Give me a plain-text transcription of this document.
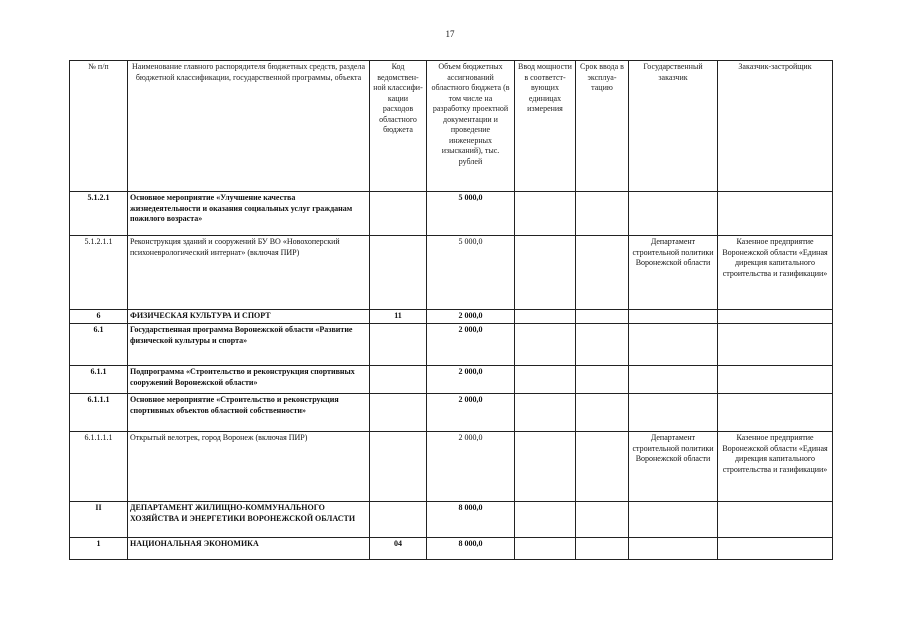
17
№ п/п	Наименование главного распорядителя бюджетных средств, раздела бюджетной классификации, государственной программы, объекта	Код ведомствен-ной классифи-кации расходов областного бюджета	Объем бюджетных ассигнований областного бюджета (в том числе на разработку проектной документации и проведение инженерных изысканий), тыс. рублей	Ввод мощности в соответст-вующих единицах измерения	Срок ввода в эксплуа-тацию	Государственный заказчик	Заказчик-застройщик
5.1.2.1	Основное мероприятие «Улучшение качества жизнедеятельности и оказания социальных услуг гражданам пожилого возраста»		5 000,0				
5.1.2.1.1	Реконструкция зданий и сооружений БУ ВО «Новохоперский психоневрологический интернат» (включая ПИР)		5 000,0			Департамент строительной политики Воронежской области	Казенное предприятие Воронежской области «Единая дирекция капитального строительства и газификации»
6	ФИЗИЧЕСКАЯ КУЛЬТУРА И СПОРТ	11	2 000,0				
6.1	Государственная программа Воронежской области «Развитие физической культуры и спорта»		2 000,0				
6.1.1	Подпрограмма «Строительство и реконструкция спортивных сооружений Воронежской области»		2 000,0				
6.1.1.1	Основное мероприятие «Строительство и реконструкция спортивных объектов областной собственности»		2 000,0				
6.1.1.1.1	Открытый велотрек, город Воронеж (включая ПИР)		2 000,0			Департамент строительной политики Воронежской области	Казенное предприятие Воронежской области «Единая дирекция капитального строительства и газификации»
II	ДЕПАРТАМЕНТ ЖИЛИЩНО-КОММУНАЛЬНОГО ХОЗЯЙСТВА И ЭНЕРГЕТИКИ ВОРОНЕЖСКОЙ ОБЛАСТИ		8 000,0				
1	НАЦИОНАЛЬНАЯ ЭКОНОМИКА	04	8 000,0				
